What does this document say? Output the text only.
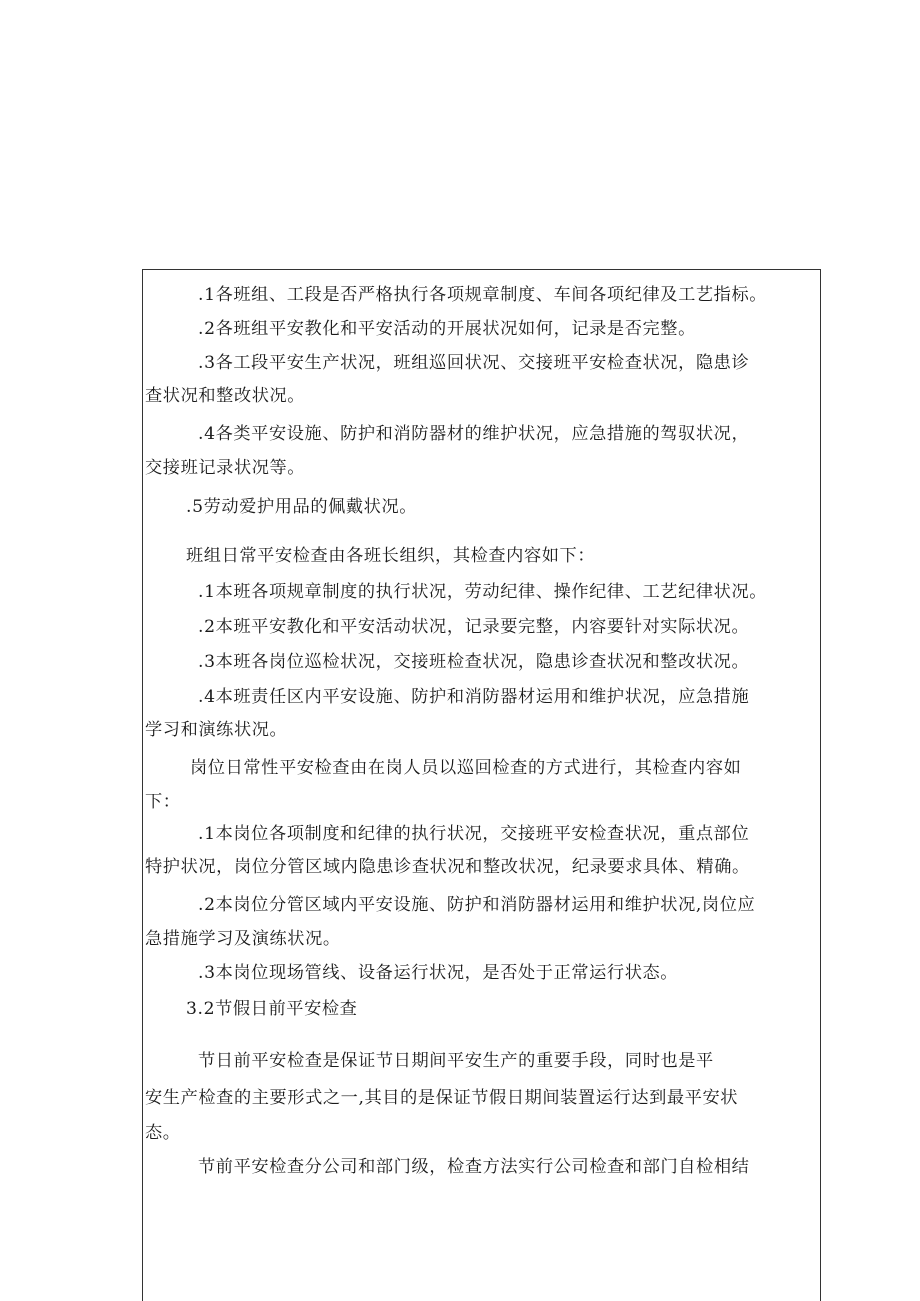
.1各班组、工段是否严格执行各项规章制度、车间各项纪律及工艺指标。
.2各班组平安教化和平安活动的开展状况如何，记录是否完整。
.3各工段平安生产状况，班组巡回状况、交接班平安检查状况，隐患诊
查状况和整改状况。
.4各类平安设施、防护和消防器材的维护状况，应急措施的驾驭状况，
交接班记录状况等。
.5劳动爱护用品的佩戴状况。
班组日常平安检查由各班长组织，其检查内容如下：
.1本班各项规章制度的执行状况，劳动纪律、操作纪律、工艺纪律状况。
.2本班平安教化和平安活动状况，记录要完整，内容要针对实际状况。
.3本班各岗位巡检状况，交接班检查状况，隐患诊查状况和整改状况。
.4本班责任区内平安设施、防护和消防器材运用和维护状况，应急措施
学习和演练状况。
岗位日常性平安检查由在岗人员以巡回检查的方式进行，其检查内容如
下：
.1本岗位各项制度和纪律的执行状况，交接班平安检查状况，重点部位
特护状况，岗位分管区域内隐患诊查状况和整改状况，纪录要求具体、精确。
.2本岗位分管区域内平安设施、防护和消防器材运用和维护状况,岗位应
急措施学习及演练状况。
.3本岗位现场管线、设备运行状况，是否处于正常运行状态。
3.2节假日前平安检查
节日前平安检查是保证节日期间平安生产的重要手段，同时也是平
安生产检查的主要形式之一,其目的是保证节假日期间装置运行达到最平安状
态。
节前平安检查分公司和部门级，检查方法实行公司检查和部门自检相结
